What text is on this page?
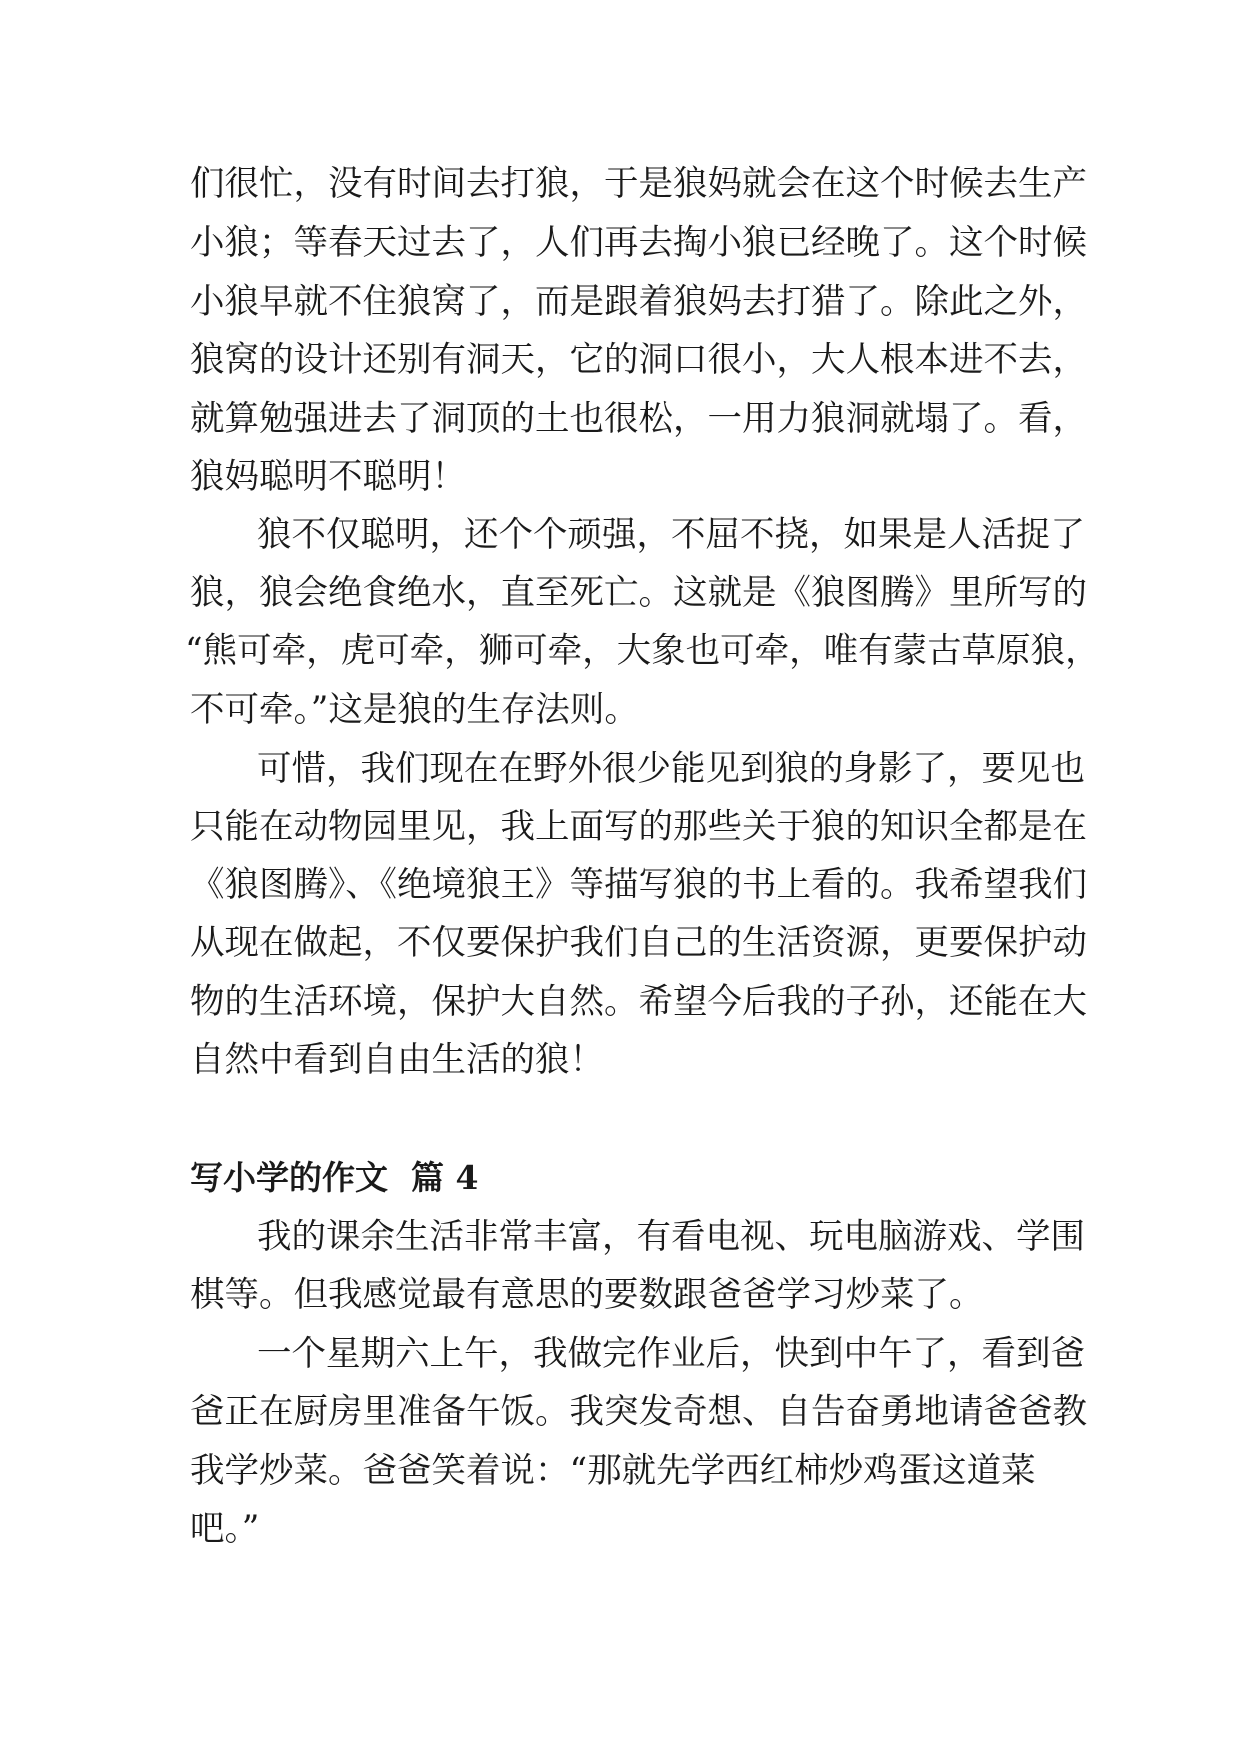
们很忙，没有时间去打狼，于是狼妈就会在这个时候去生产

小狼；等春天过去了，人们再去掏小狼已经晚了。这个时候

小狼早就不住狼窝了，而是跟着狼妈去打猎了。除此之外，

狼窝的设计还别有洞天，它的洞口很小，大人根本进不去，

就算勉强进去了洞顶的土也很松，一用力狼洞就塌了。看，

狼妈聪明不聪明！

狼不仅聪明，还个个顽强，不屈不挠，如果是人活捉了

狼，狼会绝食绝水，直至死亡。这就是《狼图腾》里所写的

“熊可牵，虎可牵，狮可牵，大象也可牵，唯有蒙古草原狼，

不可牵。”这是狼的生存法则。

可惜，我们现在在野外很少能见到狼的身影了，要见也

只能在动物园里见，我上面写的那些关于狼的知识全都是在

《狼图腾》、《绝境狼王》等描写狼的书上看的。我希望我们

从现在做起，不仅要保护我们自己的生活资源，更要保护动

物的生活环境，保护大自然。希望今后我的子孙，还能在大

自然中看到自由生活的狼！

写小学的作文  篇 4

我的课余生活非常丰富，有看电视、玩电脑游戏、学围

棋等。但我感觉最有意思的要数跟爸爸学习炒菜了。

一个星期六上午，我做完作业后，快到中午了，看到爸

爸正在厨房里准备午饭。我突发奇想、自告奋勇地请爸爸教

我学炒菜。爸爸笑着说：“那就先学西红柿炒鸡蛋这道菜

吧。”
